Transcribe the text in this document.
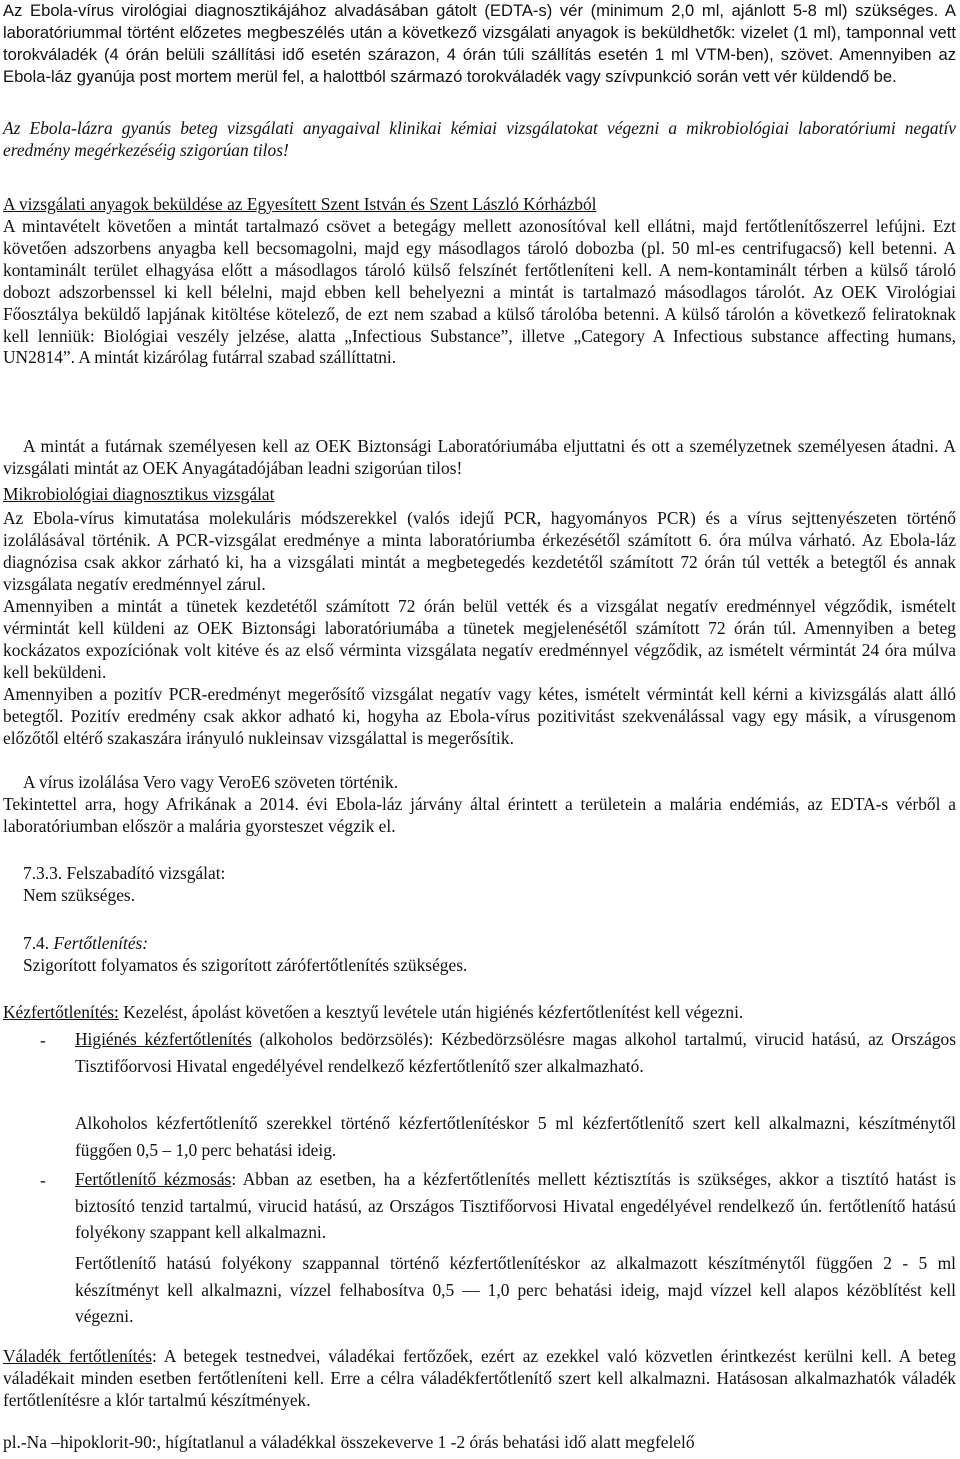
Az Ebola-vírus virológiai diagnosztikájához alvadásában gátolt (EDTA-s) vér (minimum 2,0 ml, ajánlott 5-8 ml) szükséges. A laboratóriummal történt előzetes megbeszélés után a következő vizsgálati anyagok is beküldhetők: vizelet (1 ml), tamponnal vett torokváladék (4 órán belüli szállítási idő esetén szárazon, 4 órán túli szállítás esetén 1 ml VTM-ben), szövet. Amennyiben az Ebola-láz gyanúja post mortem merül fel, a halottból származó torokváladék vagy szívpunkció során vett vér küldendő be.

Az Ebola-lázra gyanús beteg vizsgálati anyagaival klinikai kémiai vizsgálatokat végezni a mikrobiológiai laboratóriumi negatív eredmény megérkezéséig szigorúan tilos!

A vizsgálati anyagok beküldése az Egyesített Szent István és Szent László Kórházból

A mintavételt követően a mintát tartalmazó csövet a betegágy mellett azonosítóval kell ellátni, majd fertőtlenítőszerrel lefújni. Ezt követően adszorbens anyagba kell becsomagolni, majd egy másodlagos tároló dobozba (pl. 50 ml-es centrifugacső) kell betenni. A kontaminált terület elhagyása előtt a másodlagos tároló külső felszínét fertőtleníteni kell. A nem-kontaminált térben a külső tároló dobozt adszorbenssel ki kell bélelni, majd ebben kell behelyezni a mintát is tartalmazó másodlagos tárolót. Az OEK Virológiai Főosztálya beküldő lapjának kitöltése kötelező, de ezt nem szabad a külső tárolóba betenni. A külső tárolón a következő feliratoknak kell lenniük: Biológiai veszély jelzése, alatta „Infectious Substance”, illetve „Category A Infectious substance affecting humans, UN2814”. A mintát kizárólag futárral szabad szállíttatni.

A mintát a futárnak személyesen kell az OEK Biztonsági Laboratóriumába eljuttatni és ott a személyzetnek személyesen átadni. A vizsgálati mintát az OEK Anyagátadójában leadni szigorúan tilos!

Mikrobiológiai diagnosztikus vizsgálat

Az Ebola-vírus kimutatása molekuláris módszerekkel (valós idejű PCR, hagyományos PCR) és a vírus sejttenyészeten történő izolálásával történik. A PCR-vizsgálat eredménye a minta laboratóriumba érkezésétől számított 6. óra múlva várható. Az Ebola-láz diagnózisa csak akkor zárható ki, ha a vizsgálati mintát a megbetegedés kezdetétől számított 72 órán túl vették a betegtől és annak vizsgálata negatív eredménnyel zárul.

Amennyiben a mintát a tünetek kezdetétől számított 72 órán belül vették és a vizsgálat negatív eredménnyel végződik, ismételt vérmintát kell küldeni az OEK Biztonsági laboratóriumába a tünetek megjelenésétől számított 72 órán túl. Amennyiben a beteg kockázatos expozíciónak volt kitéve és az első vérminta vizsgálata negatív eredménnyel végződik, az ismételt vérmintát 24 óra múlva kell beküldeni.

Amennyiben a pozitív PCR-eredményt megerősítő vizsgálat negatív vagy kétes, ismételt vérmintát kell kérni a kivizsgálás alatt álló betegtől. Pozitív eredmény csak akkor adható ki, hogyha az Ebola-vírus pozitivitást szekvenálással vagy egy másik, a vírusgenom előzőtől eltérő szakaszára irányuló nukleinsav vizsgálattal is megerősítik.

A vírus izolálása Vero vagy VeroE6 szöveten történik.

Tekintettel arra, hogy Afrikának a 2014. évi Ebola-láz járvány által érintett a területein a malária endémiás, az EDTA-s vérből a laboratóriumban először a malária gyorsteszet végzik el.

7.3.3. Felszabadító vizsgálat:
Nem szükséges.
7.4. Fertőtlenítés:
Szigorított folyamatos és szigorított zárófertőtlenítés szükséges.

Kézfertőtlenítés: Kezelést, ápolást követően a kesztyű levétele után higiénés kézfertőtlenítést kell végezni.

- Higiénés kézfertőtlenítés (alkoholos bedörzsölés): Kézbedörzsölésre magas alkohol tartalmú, virucid hatású, az Országos Tisztifőorvosi Hivatal engedélyével rendelkező kézfertőtlenítő szer alkalmazható.

Alkoholos kézfertőtlenítő szerekkel történő kézfertőtlenítéskor 5 ml kézfertőtlenítő szert kell alkalmazni, készítménytől függően 0,5 – 1,0 perc behatási ideig.

- Fertőtlenítő kézmosás: Abban az esetben, ha a kézfertőtlenítés mellett kéztisztítás is szükséges, akkor a tisztító hatást is biztosító tenzid tartalmú, virucid hatású, az Országos Tisztifőorvosi Hivatal engedélyével rendelkező ún. fertőtlenítő hatású folyékony szappant kell alkalmazni.

Fertőtlenítő hatású folyékony szappannal történő kézfertőtlenítéskor az alkalmazott készítménytől függően 2 - 5 ml készítményt kell alkalmazni, vízzel felhabosítva 0,5 — 1,0 perc behatási ideig, majd vízzel kell alapos kézöblítést kell végezni.

Váladék fertőtlenítés: A betegek testnedvei, váladékai fertőzőek, ezért az ezekkel való közvetlen érintkezést kerülni kell. A beteg váladékait minden esetben fertőtleníteni kell. Erre a célra váladékfertőtlenítő szert kell alkalmazni. Hatásosan alkalmazhatók váladék fertőtlenítésre a klór tartalmú készítmények.

pl.-Na –hipoklorit-90:, hígítatlanul a váladékkal összekeverve 1 -2 órás behatási idő alatt megfelelő
